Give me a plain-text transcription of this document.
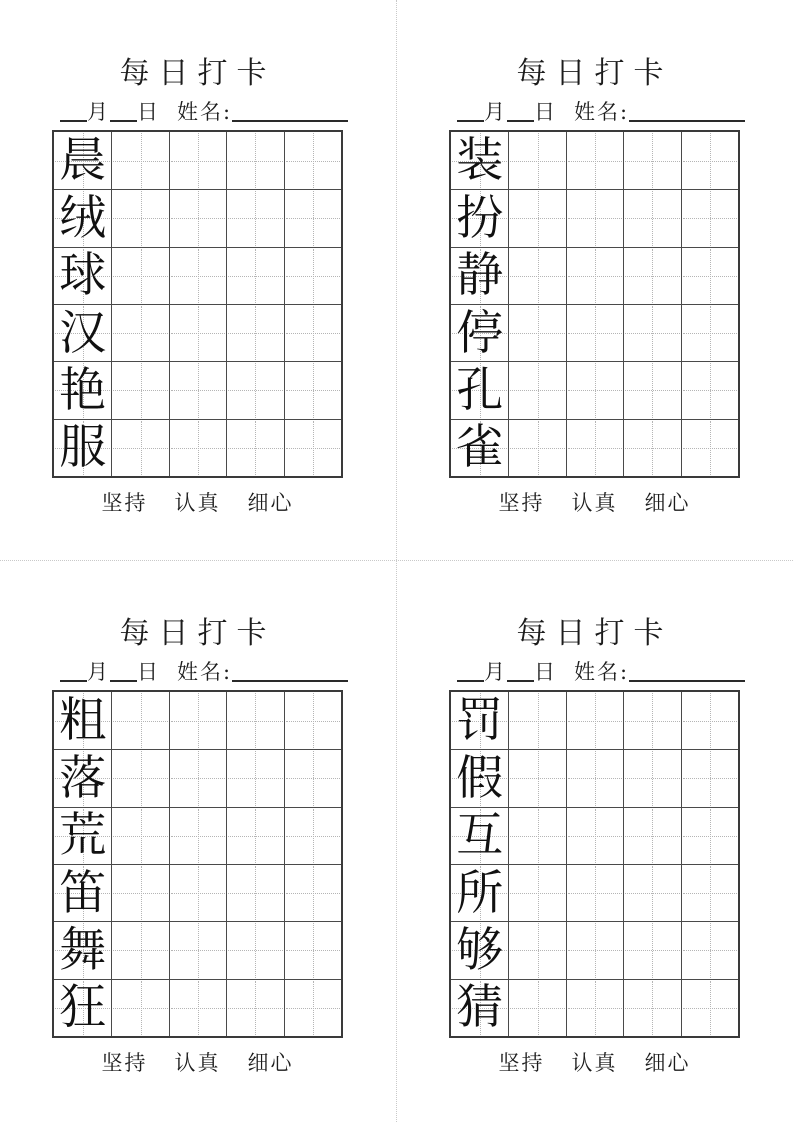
每日打卡
月 日 姓名:
晨
绒
球
汉
艳
服
坚持 认真 细心
每日打卡
月 日 姓名:
装
扮
静
停
孔
雀
坚持 认真 细心
每日打卡
月 日 姓名:
粗
落
荒
笛
舞
狂
坚持 认真 细心
每日打卡
月 日 姓名:
罚
假
互
所
够
猜
坚持 认真 细心
